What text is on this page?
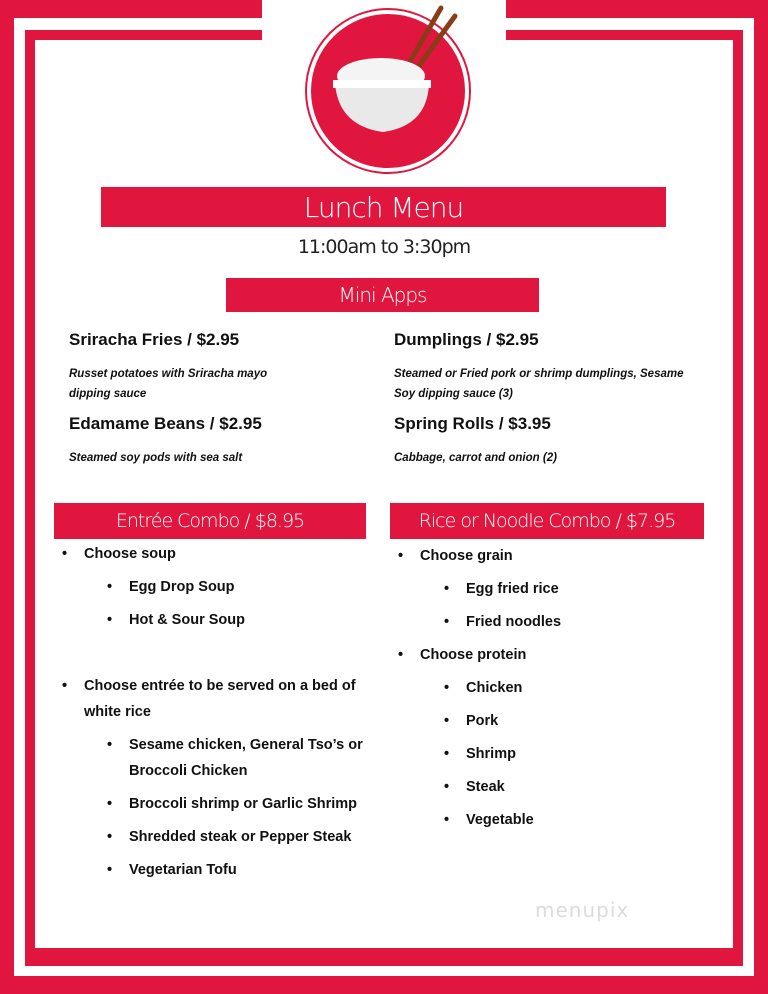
Lunch Menu
11:00am to 3:30pm
Mini Apps
Sriracha Fries / $2.95
Russet potatoes with Sriracha mayo
dipping sauce
Dumplings / $2.95
Steamed or Fried pork or shrimp dumplings, Sesame
Soy dipping sauce (3)
Edamame Beans / $2.95
Steamed soy pods with sea salt
Spring Rolls / $3.95
Cabbage, carrot and onion (2)
Entrée Combo / $8.95
• Choose soup
• Egg Drop Soup
• Hot & Sour Soup
• Choose entrée to be served on a bed of
white rice
• Sesame chicken, General Tso’s or
Broccoli Chicken
• Broccoli shrimp or Garlic Shrimp
• Shredded steak or Pepper Steak
• Vegetarian Tofu
Rice or Noodle Combo / $7.95
• Choose grain
• Egg fried rice
• Fried noodles
• Choose protein
• Chicken
• Pork
• Shrimp
• Steak
• Vegetable
menupix
